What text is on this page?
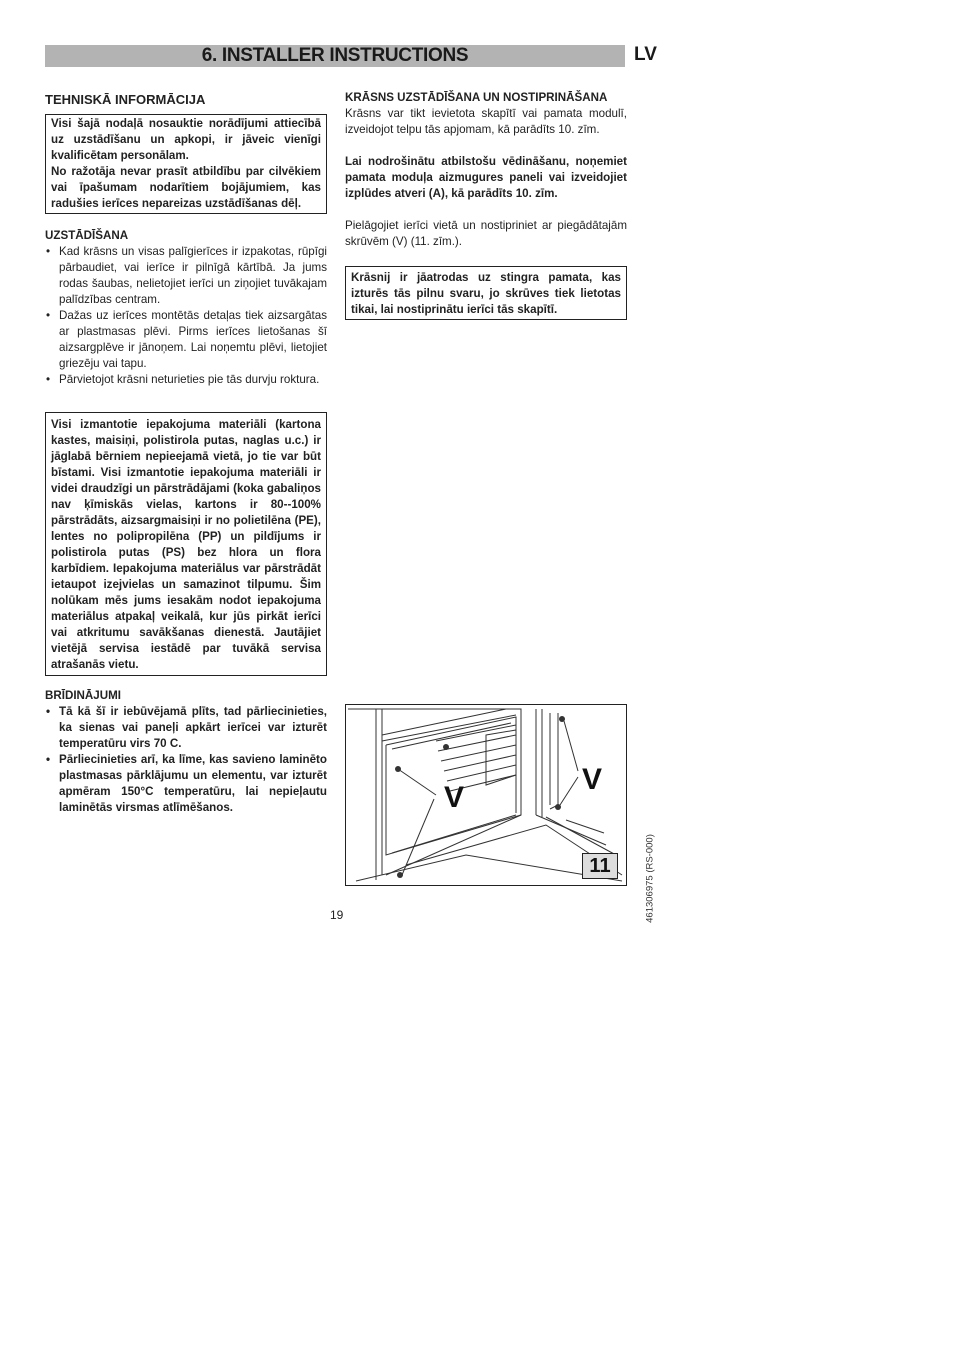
6. INSTALLER INSTRUCTIONS	LV
TEHNISKĀ INFORMĀCIJA

Visi šajā nodaļā nosauktie norādījumi attiecībā uz uzstādīšanu un apkopi, ir jāveic vienīgi kvalificētam personālam.

No ražotāja nevar prasīt atbildību par cilvēkiem vai īpašumam nodarītiem bojājumiem, kas radušies ierīces nepareizas uzstādīšanas dēļ.

UZSTĀDĪŠANA
• Kad krāsns un visas palīgierīces ir izpakotas, rūpīgi pārbaudiet, vai ierīce ir pilnīgā kārtībā. Ja jums rodas šaubas, nelietojiet ierīci un ziņojiet tuvākajam palīdzības centram.
• Dažas uz ierīces montētās detaļas tiek aizsargātas ar plastmasas plēvi. Pirms ierīces lietošanas šī aizsargplēve ir jānoņem. Lai noņemtu plēvi, lietojiet griezēju vai tapu.
• Pārvietojot krāsni neturieties pie tās durvju roktura.

Visi izmantotie iepakojuma materiāli (kartona kastes, maisiņi, polistirola putas, naglas u.c.) ir jāglabā bērniem nepieejamā vietā, jo tie var būt bīstami. Visi izmantotie iepakojuma materiāli ir videi draudzīgi un pārstrādājami (koka gabaliņos nav ķīmiskās vielas, kartons ir 80--100% pārstrādāts, aizsargmaisiņi ir no polietilēna (PE), lentes no polipropilēna (PP) un pildījums ir polistirola putas (PS) bez hlora un flora karbīdiem. Iepakojuma materiālus var pārstrādāt ietaupot izejvielas un samazinot tilpumu. Šim nolūkam mēs jums iesakām nodot iepakojuma materiālus atpakaļ veikalā, kur jūs pirkāt ierīci vai atkritumu savākšanas dienestā. Jautājiet vietējā servisa iestādē par tuvākā servisa atrašanās vietu.

BRĪDINĀJUMI
• Tā kā šī ir iebūvējamā plīts, tad pārliecinieties, ka sienas vai paneļi apkārt ierīcei var izturēt temperatūru virs 70 C.
• Pārliecinieties arī, ka līme, kas savieno laminēto plastmasas pārklājumu un elementu, var izturēt apmēram 150°C temperatūru, lai nepieļautu laminētās virsmas atlīmēšanos.
KRĀSNS UZSTĀDĪŠANA UN NOSTIPRINĀŠANA

Krāsns var tikt ievietota skapītī vai pamata modulī, izveidojot telpu tās apjomam, kā parādīts 10. zīm.

Lai nodrošinātu atbilstošu vēdināšanu, noņemiet pamata moduļa aizmugures paneli vai izveidojiet izplūdes atveri (A), kā parādīts 10. zīm.

Pielāgojiet ierīci vietā un nostipriniet ar piegādātajām skrūvēm (V) (11. zīm.).

Krāsnij ir jāatrodas uz stingra pamata, kas izturēs tās pilnu svaru, jo skrūves tiek lietotas tikai, lai nostiprinātu ierīci tās skapītī.

V
V
11
19	461306975 (RS-000)
